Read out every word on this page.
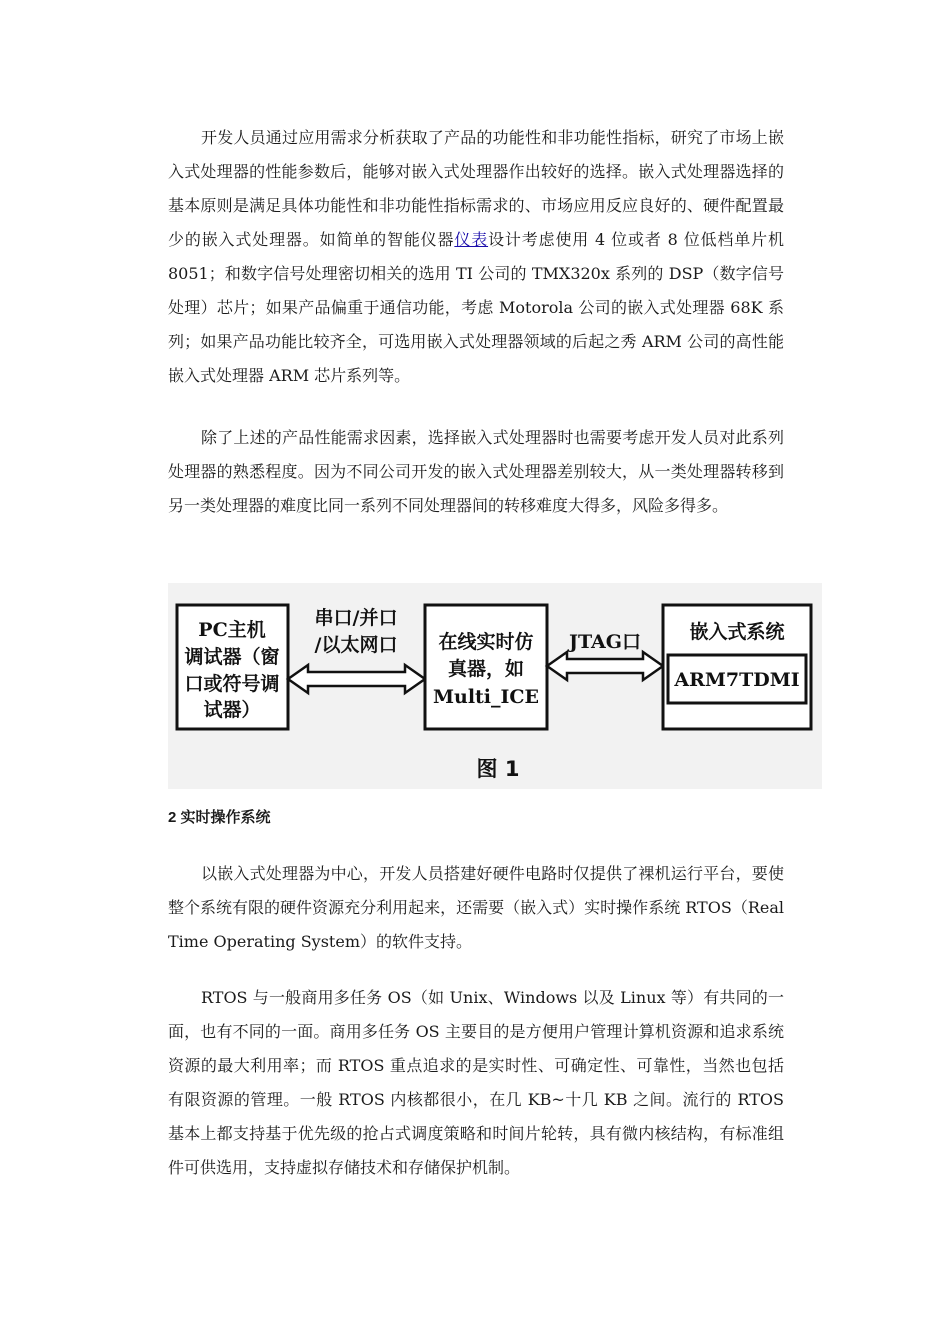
开发人员通过应用需求分析获取了产品的功能性和非功能性指标，研究了市场上嵌入式处理器的性能参数后，能够对嵌入式处理器作出较好的选择。嵌入式处理器选择的基本原则是满足具体功能性和非功能性指标需求的、市场应用反应良好的、硬件配置最少的嵌入式处理器。如简单的智能仪器仪表设计考虑使用 4 位或者 8 位低档单片机 8051；和数字信号处理密切相关的选用 TI 公司的 TMX320x 系列的 DSP（数字信号处理）芯片；如果产品偏重于通信功能，考虑 Motorola 公司的嵌入式处理器 68K 系列；如果产品功能比较齐全，可选用嵌入式处理器领域的后起之秀 ARM 公司的高性能嵌入式处理器 ARM 芯片系列等。

除了上述的产品性能需求因素，选择嵌入式处理器时也需要考虑开发人员对此系列处理器的熟悉程度。因为不同公司开发的嵌入式处理器差别较大，从一类处理器转移到另一类处理器的难度比同一系列不同处理器间的转移难度大得多，风险多得多。

PC主机
调试器（窗
口或符号调
试器）
串口/并口
/以太网口 在线实时仿
真器，如
Multi_ICE
JTAG口	嵌入式系统
ARM7TDMI
图 1

2 实时操作系统

以嵌入式处理器为中心，开发人员搭建好硬件电路时仅提供了裸机运行平台，要使整个系统有限的硬件资源充分利用起来，还需要（嵌入式）实时操作系统 RTOS（Real Time Operating System）的软件支持。

RTOS 与一般商用多任务 OS（如 Unix、Windows 以及 Linux 等）有共同的一面，也有不同的一面。商用多任务 OS 主要目的是方便用户管理计算机资源和追求系统资源的最大利用率；而 RTOS 重点追求的是实时性、可确定性、可靠性，当然也包括有限资源的管理。一般 RTOS 内核都很小，在几 KB~十几 KB 之间。流行的 RTOS 基本上都支持基于优先级的抢占式调度策略和时间片轮转，具有微内核结构，有标准组件可供选用，支持虚拟存储技术和存储保护机制。
